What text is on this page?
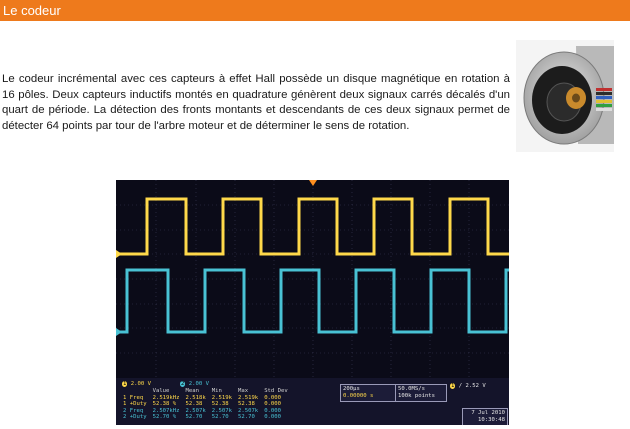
Le codeur

Le codeur incrémental avec ces capteurs à effet Hall possède un disque magnétique en rotation à 16 pôles. Deux capteurs inductifs montés en quadrature génèrent deux signaux carrés décalés d'un quart de période. La détection des fronts montants et descendants de ces deux signaux permet de détecter 64 points par tour de l'arbre moteur et de déterminer le sens de rotation.

1 2.00 V	2 2.00 V
	Value	Mean	Min	Max	Std Dev
1 Freq	2.519kHz	2.518k	2.519k	2.519k	0.000
1 +Duty	52.38 %	52.38	52.38	52.38	0.000
2 Freq	2.507kHz	2.507k	2.507k	2.507k	0.000
2 +Duty	52.70 %	52.70	52.70	52.70	0.000
200μs
0.00000 s
50.0MS/s
100k points
1 / 2.52 V
7 Jul 2010
10:30:48
